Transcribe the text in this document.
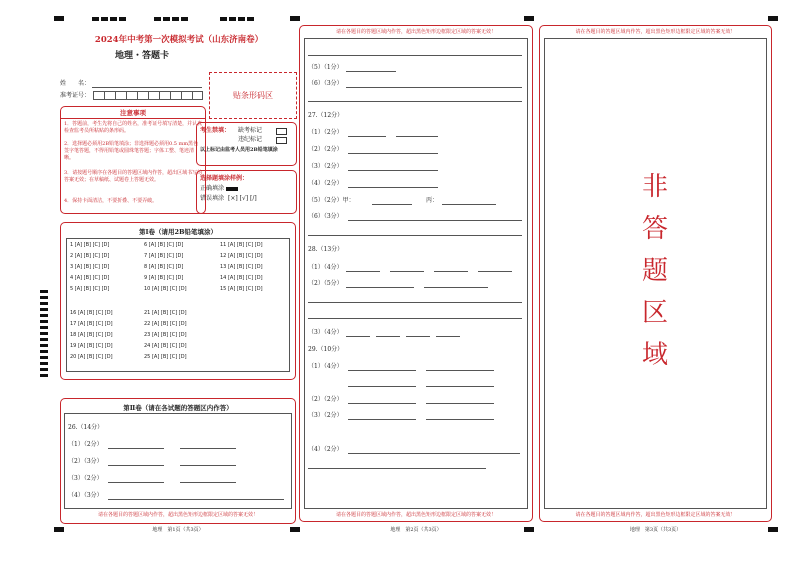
2024年中考第一次模拟考试（山东济南卷）
地理・答题卡
姓　　名：
准考证号：	贴条形码区
注意事项
1．答题前，考生先将自己的姓名，准考证号填写清楚，并认真检查监考员所粘贴的条形码。
2．选择题必须用2B铅笔填涂；非选择题必须用0.5 mm黑色签字笔答题，不得用铅笔或圆珠笔答题；字体工整、笔迹清晰。
3．请按题号顺序在各题目的答题区域内作答，超出区域书写的答案无效；在草稿纸、试题卷上答题无效。
4．保持卡面清洁，不要折叠、不要弄破。
考生禁填： 缺考标记
违纪标记
以上标记由监考人员用2B铅笔填涂
选择题填涂样例：
正确填涂
错误填涂 [×] [√] [/]
第Ⅰ卷（请用2B铅笔填涂）
1 [A] [B] [C] [D]
2 [A] [B] [C] [D]
3 [A] [B] [C] [D]
4 [A] [B] [C] [D]
5 [A] [B] [C] [D]
6 [A] [B] [C] [D]
7 [A] [B] [C] [D]
8 [A] [B] [C] [D]
9 [A] [B] [C] [D]
10 [A] [B] [C] [D]
11 [A] [B] [C] [D]
12 [A] [B] [C] [D]
13 [A] [B] [C] [D]
14 [A] [B] [C] [D]
15 [A] [B] [C] [D]
16 [A] [B] [C] [D]
17 [A] [B] [C] [D]
18 [A] [B] [C] [D]
19 [A] [B] [C] [D]
20 [A] [B] [C] [D]
21 [A] [B] [C] [D]
22 [A] [B] [C] [D]
23 [A] [B] [C] [D]
24 [A] [B] [C] [D]
25 [A] [B] [C] [D]
第Ⅱ卷（请在各试题的答题区内作答）
26.（14分）
（1）（2分）
（2）（3分）
（3）（2分）
（4）（3分）
请在各题目的答题区域内作答，超出黑色矩形边框限定区域的答案无效！
地理　第1页（共3页）
请在各题目的答题区域内作答，超出黑色矩形边框限定区域的答案无效！
（5）（1分）
（6）（3分）
27.（12分）
（1）（2分）
（2）（2分）
（3）（2分）
（4）（2分）
（5）（2分）甲：	丙：
（6）（3分）
28.（13分）
（1）（4分）
（2）（5分）
（3）（4分）
29.（10分）
（1）（4分）
（2）（2分）
（3）（2分）
（4）（2分）
请在各题目的答题区域内作答，超出黑色矩形边框限定区域的答案无效！
地理　第2页（共3页）
请在各题目的答题区域内作答，超出黑色矩形边框限定区域的答案无效！
非
答
题
区
域
请在各题目的答题区域内作答，超出黑色矩形边框限定区域的答案无效！
地理　第3页（共3页）
